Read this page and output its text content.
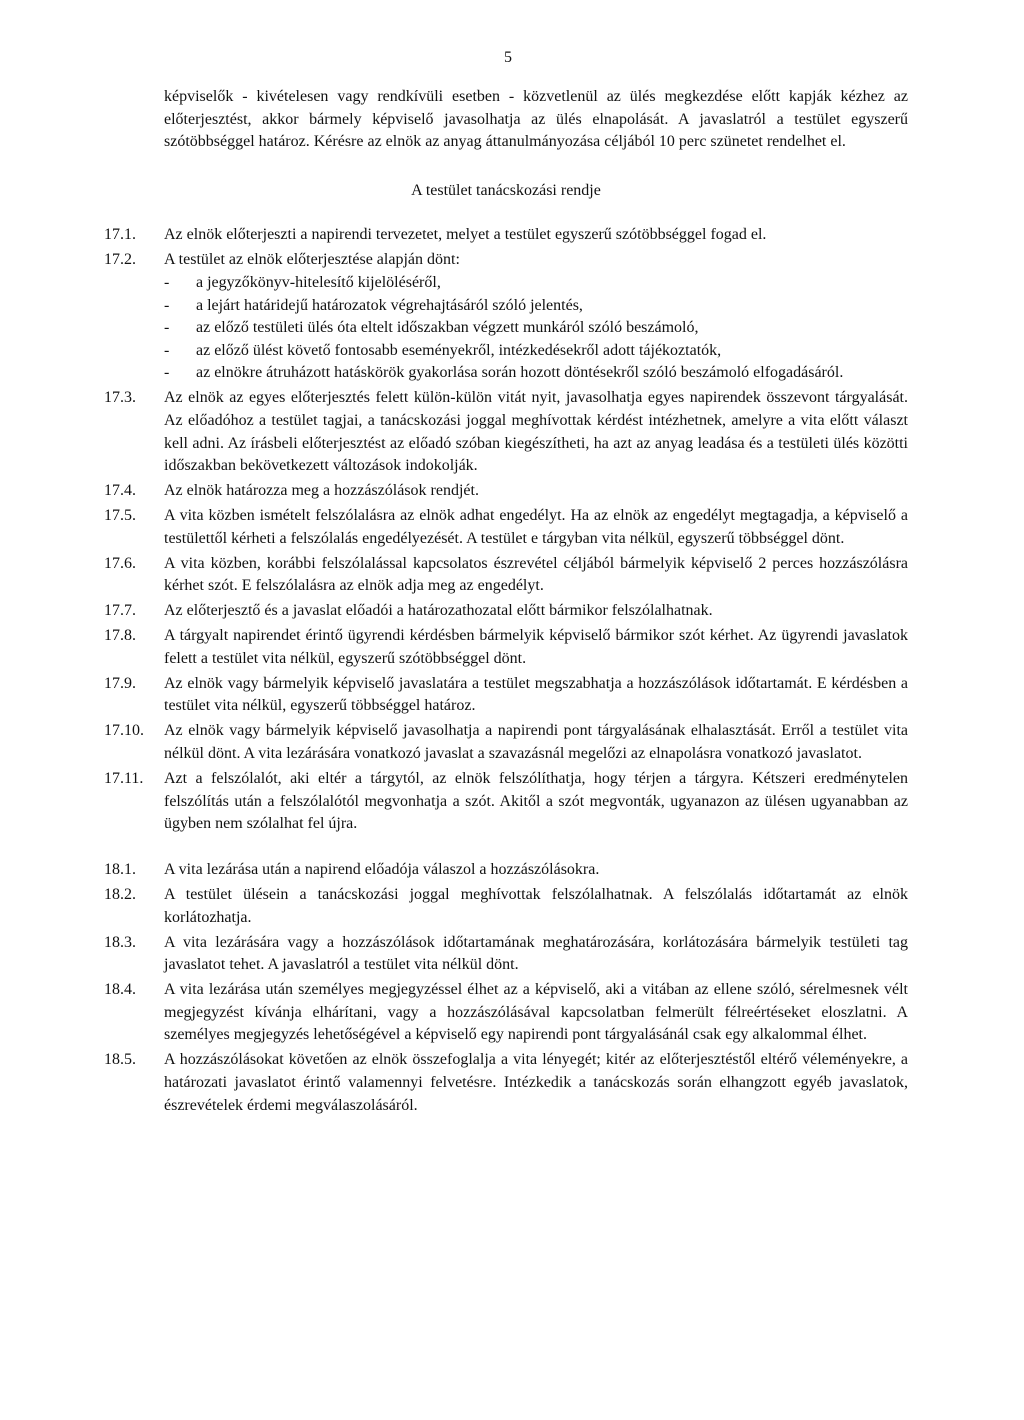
5

képviselők - kivételesen vagy rendkívüli esetben - közvetlenül az ülés megkezdése előtt kapják kézhez az előterjesztést, akkor bármely képviselő javasolhatja az ülés elnapolását. A javaslatról a testület egyszerű szótöbbséggel határoz. Kérésre az elnök az anyag áttanulmányozása céljából 10 perc szünetet rendelhet el.

A testület tanácskozási rendje
17.1.	Az elnök előterjeszti a napirendi tervezetet, melyet a testület egyszerű szótöbbséggel fogad el.
17.2.	A testület az elnök előterjesztése alapján dönt:
-	a jegyzőkönyv-hitelesítő kijelöléséről,
-	a lejárt határidejű határozatok végrehajtásáról szóló jelentés,
-	az előző testületi ülés óta eltelt időszakban végzett munkáról szóló beszámoló,
-	az előző ülést követő fontosabb eseményekről, intézkedésekről adott tájékoztatók,
-	az elnökre átruházott hatáskörök gyakorlása során hozott döntésekről szóló beszámoló elfogadásáról.
17.3.	Az elnök az egyes előterjesztés felett külön-külön vitát nyit, javasolhatja egyes napirendek összevont tárgyalását. Az előadóhoz a testület tagjai, a tanácskozási joggal meghívottak kérdést intézhetnek, amelyre a vita előtt választ kell adni. Az írásbeli előterjesztést az előadó szóban kiegészítheti, ha azt az anyag leadása és a testületi ülés közötti időszakban bekövetkezett változások indokolják.
17.4.	Az elnök határozza meg a hozzászólások rendjét.
17.5.	A vita közben ismételt felszólalásra az elnök adhat engedélyt. Ha az elnök az engedélyt megtagadja, a képviselő a testülettől kérheti a felszólalás engedélyezését. A testület e tárgyban vita nélkül, egyszerű többséggel dönt.
17.6.	A vita közben, korábbi felszólalással kapcsolatos észrevétel céljából bármelyik képviselő 2 perces hozzászólásra kérhet szót. E felszólalásra az elnök adja meg az engedélyt.
17.7.	Az előterjesztő és a javaslat előadói a határozathozatal előtt bármikor felszólalhatnak.
17.8.	A tárgyalt napirendet érintő ügyrendi kérdésben bármelyik képviselő bármikor szót kérhet. Az ügyrendi javaslatok felett a testület vita nélkül, egyszerű szótöbbséggel dönt.
17.9.	Az elnök vagy bármelyik képviselő javaslatára a testület megszabhatja a hozzászólások időtartamát. E kérdésben a testület vita nélkül, egyszerű többséggel határoz.
17.10.	Az elnök vagy bármelyik képviselő javasolhatja a napirendi pont tárgyalásának elhalasztását. Erről a testület vita nélkül dönt. A vita lezárására vonatkozó javaslat a szavazásnál megelőzi az elnapolásra vonatkozó javaslatot.
17.11.	Azt a felszólalót, aki eltér a tárgytól, az elnök felszólíthatja, hogy térjen a tárgyra. Kétszeri eredménytelen felszólítás után a felszólalótól megvonhatja a szót. Akitől a szót megvonták, ugyanazon az ülésen ugyanabban az ügyben nem szólalhat fel újra.
18.1.	A vita lezárása után a napirend előadója válaszol a hozzászólásokra.
18.2.	A testület ülésein a tanácskozási joggal meghívottak felszólalhatnak. A felszólalás időtartamát az elnök korlátozhatja.
18.3.	A vita lezárására vagy a hozzászólások időtartamának meghatározására, korlátozására bármelyik testületi tag javaslatot tehet. A javaslatról a testület vita nélkül dönt.
18.4.	A vita lezárása után személyes megjegyzéssel élhet az a képviselő, aki a vitában az ellene szóló, sérelmesnek vélt megjegyzést kívánja elhárítani, vagy a hozzászólásával kapcsolatban felmerült félreértéseket eloszlatni. A személyes megjegyzés lehetőségével a képviselő egy napirendi pont tárgyalásánál csak egy alkalommal élhet.
18.5.	A hozzászólásokat követően az elnök összefoglalja a vita lényegét; kitér az előterjesztéstől eltérő véleményekre, a határozati javaslatot érintő valamennyi felvetésre. Intézkedik a tanácskozás során elhangzott egyéb javaslatok, észrevételek érdemi megválaszolásáról.
